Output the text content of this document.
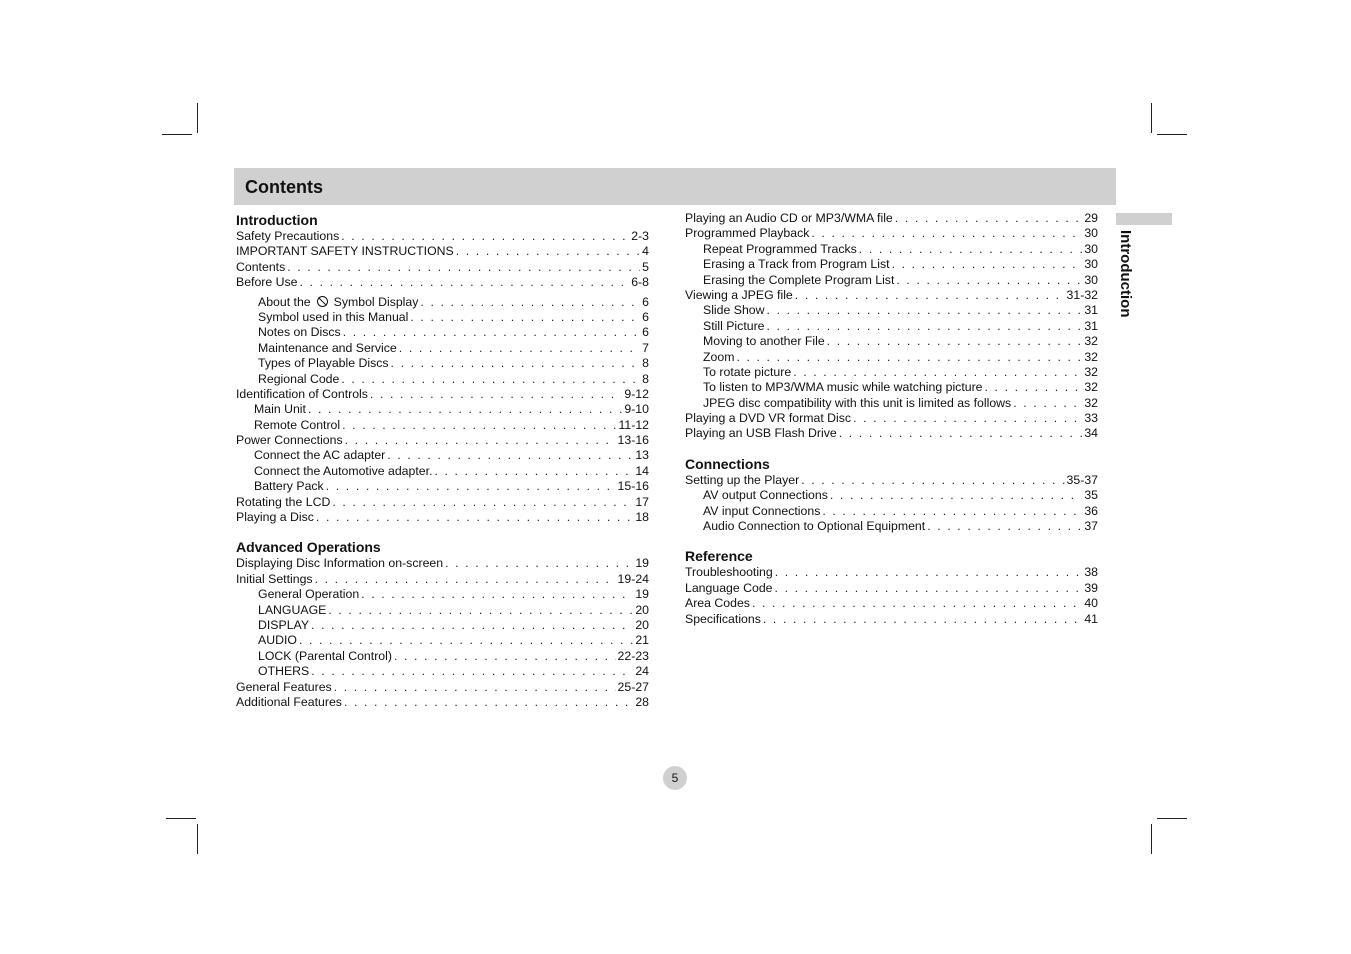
Contents
Introduction
Introduction
Safety Precautions . . .	2-3
IMPORTANT SAFETY INSTRUCTIONS . . .	4
Contents . . .	5
Before Use . . .	6-8
About the Symbol Display . . .	6
Symbol used in this Manual . . .	6
Notes on Discs . . .	6
Maintenance and Service . . .	7
Types of Playable Discs . . .	8
Regional Code . . .	8
Identification of Controls . . .	9-12
Main Unit . . .	9-10
Remote Control . . .	11-12
Power Connections . . .	13-16
Connect the AC adapter . . .	13
Connect the Automotive adapter. . . .	14
Battery Pack . . .	15-16
Rotating the LCD . . .	17
Playing a Disc . . .	18
Advanced Operations
Displaying Disc Information on-screen . . .	19
Initial Settings . . .	19-24
General Operation . . .	19
LANGUAGE . . .	20
DISPLAY . . .	20
AUDIO . . .	21
LOCK (Parental Control) . . .	22-23
OTHERS . . .	24
General Features . . .	25-27
Additional Features . . .	28
Playing an Audio CD or MP3/WMA file . . .	29
Programmed Playback . . .	30
Repeat Programmed Tracks . . .	30
Erasing a Track from Program List . . .	30
Erasing the Complete Program List . . .	30
Viewing a JPEG file . . .	31-32
Slide Show . . .	31
Still Picture . . .	31
Moving to another File . . .	32
Zoom . . .	32
To rotate picture . . .	32
To listen to MP3/WMA music while watching picture . . .	32
JPEG disc compatibility with this unit is limited as follows . . .	32
Playing a DVD VR format Disc . . .	33
Playing an USB Flash Drive . . .	34
Connections
Setting up the Player . . .	35-37
AV output Connections . . .	35
AV input Connections . . .	36
Audio Connection to Optional Equipment . . .	37
Reference
Troubleshooting . . .	38
Language Code . . .	39
Area Codes . . .	40
Specifications . . .	41
5
